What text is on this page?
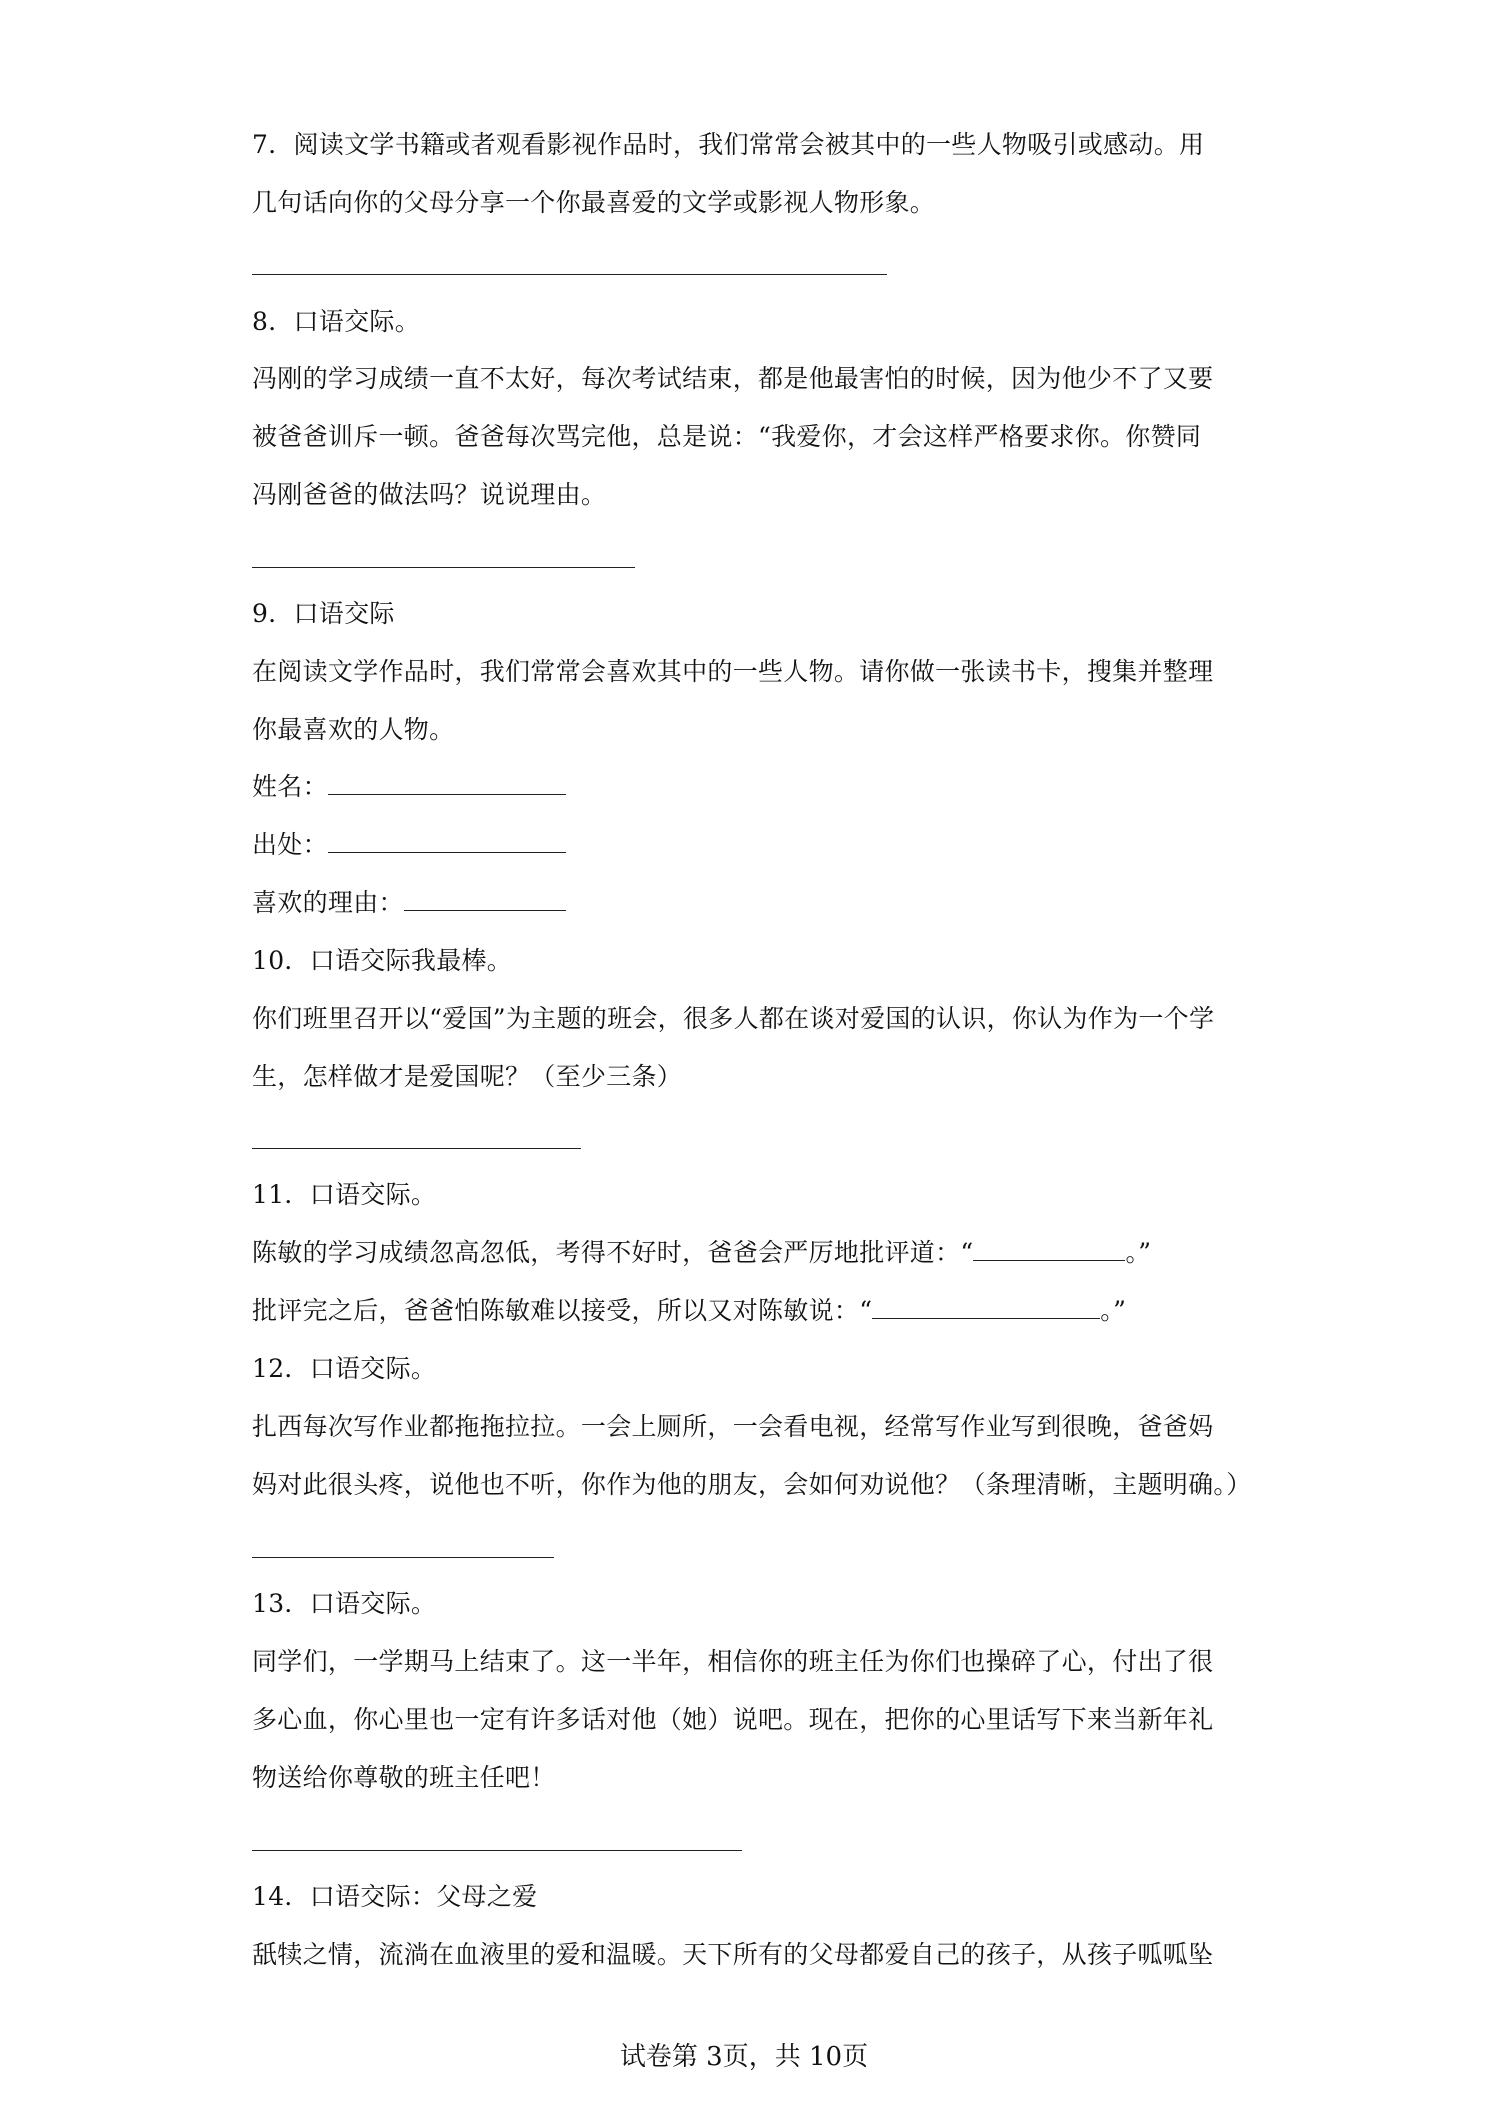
7．阅读文学书籍或者观看影视作品时，我们常常会被其中的一些人物吸引或感动。用
几句话向你的父母分享一个你最喜爱的文学或影视人物形象。
8．口语交际。
冯刚的学习成绩一直不太好，每次考试结束，都是他最害怕的时候，因为他少不了又要
被爸爸训斥一顿。爸爸每次骂完他，总是说：“我爱你，才会这样严格要求你。你赞同
冯刚爸爸的做法吗？说说理由。
9．口语交际
在阅读文学作品时，我们常常会喜欢其中的一些人物。请你做一张读书卡，搜集并整理
你最喜欢的人物。
姓名：
出处：
喜欢的理由：
10．口语交际我最棒。
你们班里召开以“爱国”为主题的班会，很多人都在谈对爱国的认识，你认为作为一个学
生，怎样做才是爱国呢？（至少三条）
11．口语交际。
陈敏的学习成绩忽高忽低，考得不好时，爸爸会严厉地批评道：“	。”
批评完之后，爸爸怕陈敏难以接受，所以又对陈敏说：“	。”
12．口语交际。
扎西每次写作业都拖拖拉拉。一会上厕所，一会看电视，经常写作业写到很晚，爸爸妈
妈对此很头疼，说他也不听，你作为他的朋友，会如何劝说他？（条理清晰，主题明确。）
13．口语交际。
同学们，一学期马上结束了。这一半年，相信你的班主任为你们也操碎了心，付出了很
多心血，你心里也一定有许多话对他（她）说吧。现在，把你的心里话写下来当新年礼
物送给你尊敬的班主任吧！
14．口语交际：父母之爱
舐犊之情，流淌在血液里的爱和温暖。天下所有的父母都爱自己的孩子，从孩子呱呱坠
试卷第 3页，共 10页
